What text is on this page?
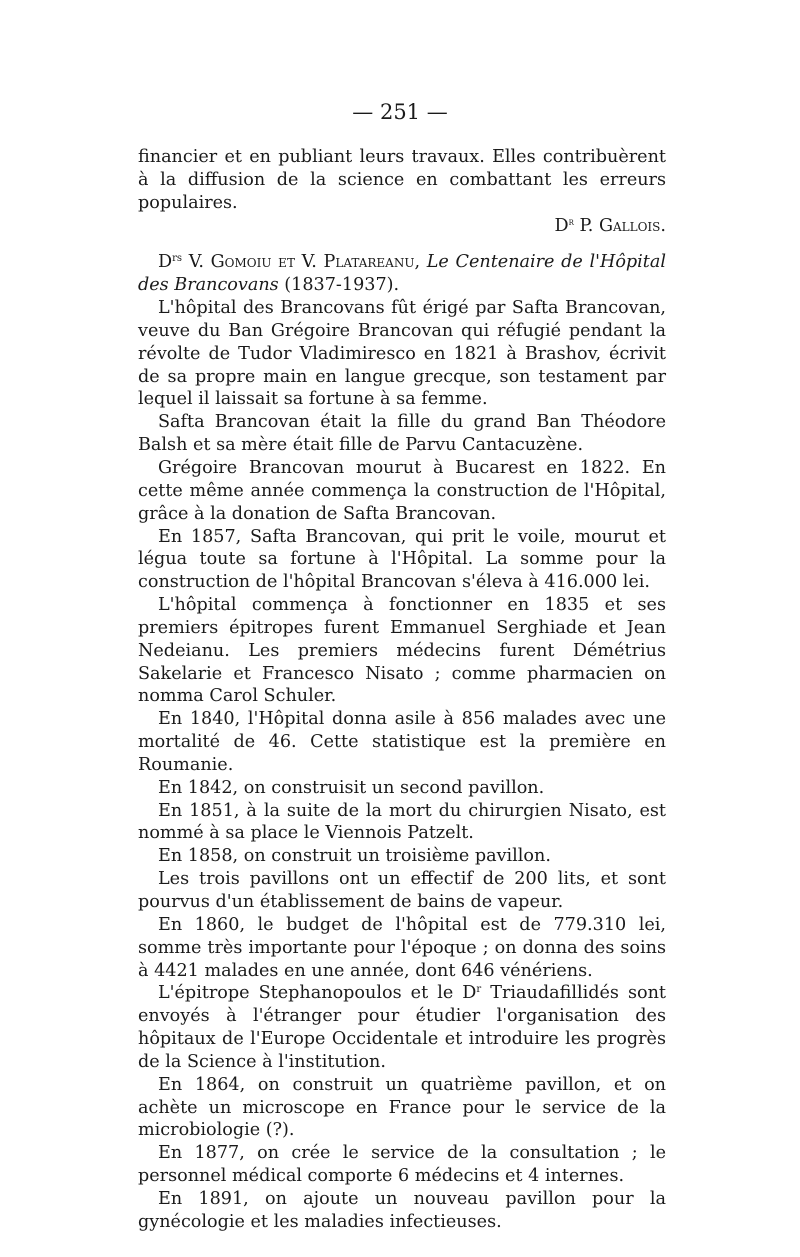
— 251 —

financier et en publiant leurs travaux. Elles contribuèrent à la diffusion de la science en combattant les erreurs populaires.

$D^r$ P. Gallois.

$D^{rs}$ V. Gomoiu et V. Platareanu, Le Centenaire de l'Hôpital des Brancovans (1837-1937).

L'hôpital des Brancovans fût érigé par Safta Brancovan, veuve du Ban Grégoire Brancovan qui réfugié pendant la révolte de Tudor Vladimiresco en 1821 à Brashov, écrivit de sa propre main en langue grecque, son testament par lequel il laissait sa fortune à sa femme.

Safta Brancovan était la fille du grand Ban Théodore Balsh et sa mère était fille de Parvu Cantacuzène.

Grégoire Brancovan mourut à Bucarest en 1822. En cette même année commença la construction de l'Hôpital, grâce à la donation de Safta Brancovan.

En 1857, Safta Brancovan, qui prit le voile, mourut et légua toute sa fortune à l'Hôpital. La somme pour la construction de l'hôpital Brancovan s'éleva à 416.000 lei.

L'hôpital commença à fonctionner en 1835 et ses premiers épitropes furent Emmanuel Serghiade et Jean Nedeianu. Les premiers médecins furent Démétrius Sakelarie et Francesco Nisato ; comme pharmacien on nomma Carol Schuler.

En 1840, l'Hôpital donna asile à 856 malades avec une mortalité de 46. Cette statistique est la première en Roumanie.

En 1842, on construisit un second pavillon.

En 1851, à la suite de la mort du chirurgien Nisato, est nommé à sa place le Viennois Patzelt.

En 1858, on construit un troisième pavillon.

Les trois pavillons ont un effectif de 200 lits, et sont pourvus d'un établissement de bains de vapeur.

En 1860, le budget de l'hôpital est de 779.310 lei, somme très importante pour l'époque ; on donna des soins à 4421 malades en une année, dont 646 vénériens.

L'épitrope Stephanopoulos et le $D^r$ Triaudafillidés sont envoyés à l'étranger pour étudier l'organisation des hôpitaux de l'Europe Occidentale et introduire les progrès de la Science à l'institution.

En 1864, on construit un quatrième pavillon, et on achète un microscope en France pour le service de la microbiologie (?).

En 1877, on crée le service de la consultation ; le personnel médical comporte 6 médecins et 4 internes.

En 1891, on ajoute un nouveau pavillon pour la gynécologie et les maladies infectieuses.
